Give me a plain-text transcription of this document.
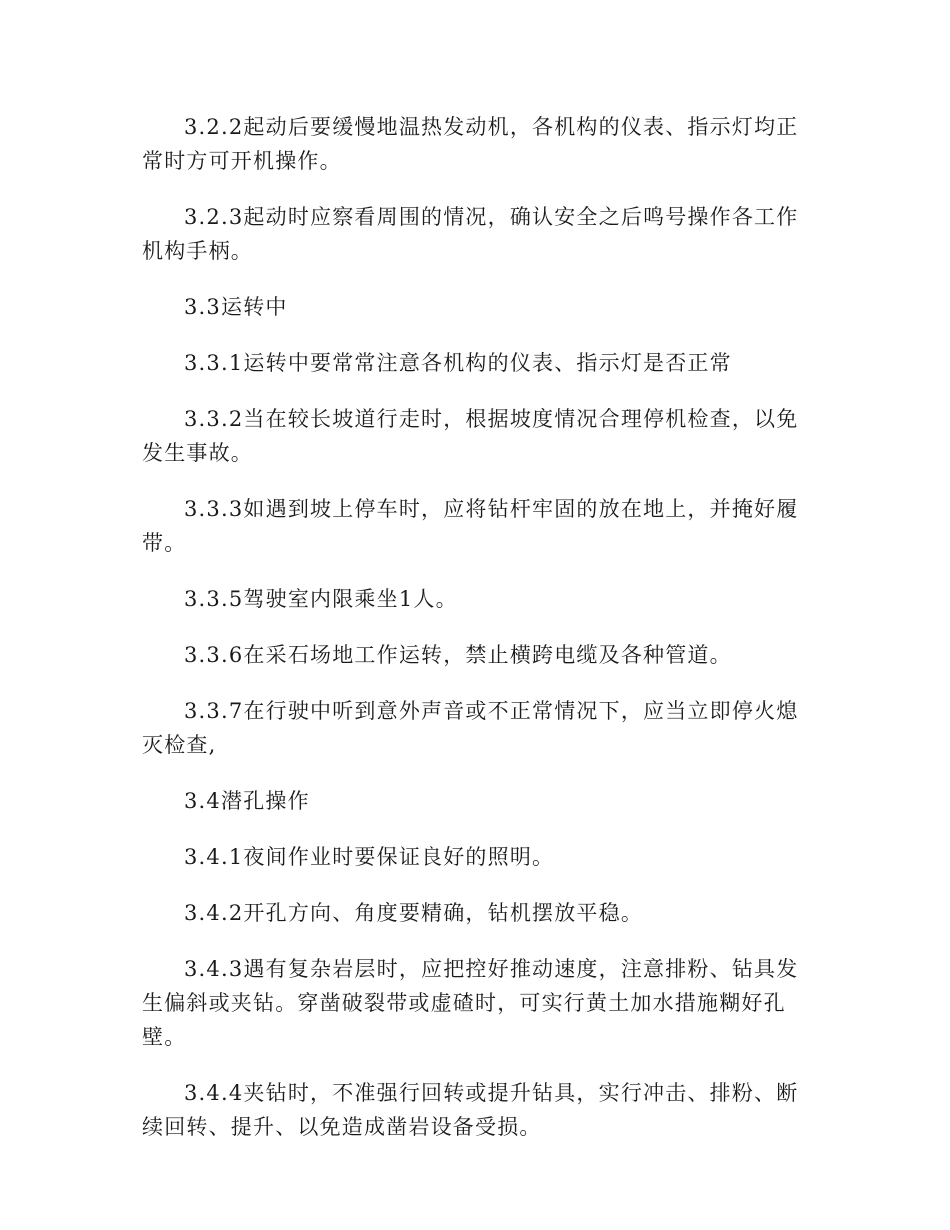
3.2.2起动后要缓慢地温热发动机，各机构的仪表、指示灯均正常时方可开机操作。

3.2.3起动时应察看周围的情况，确认安全之后鸣号操作各工作机构手柄。

3.3运转中

3.3.1运转中要常常注意各机构的仪表、指示灯是否正常

3.3.2当在较长坡道行走时，根据坡度情况合理停机检查，以免发生事故。

3.3.3如遇到坡上停车时，应将钻杆牢固的放在地上，并掩好履带。

3.3.5驾驶室内限乘坐1人。

3.3.6在采石场地工作运转，禁止横跨电缆及各种管道。

3.3.7在行驶中听到意外声音或不正常情况下，应当立即停火熄灭检查,

3.4潜孔操作

3.4.1夜间作业时要保证良好的照明。

3.4.2开孔方向、角度要精确，钻机摆放平稳。

3.4.3遇有复杂岩层时，应把控好推动速度，注意排粉、钻具发生偏斜或夹钻。穿凿破裂带或虚碴时，可实行黄土加水措施糊好孔壁。

3.4.4夹钻时，不准强行回转或提升钻具，实行冲击、排粉、断续回转、提升、以免造成凿岩设备受损。
